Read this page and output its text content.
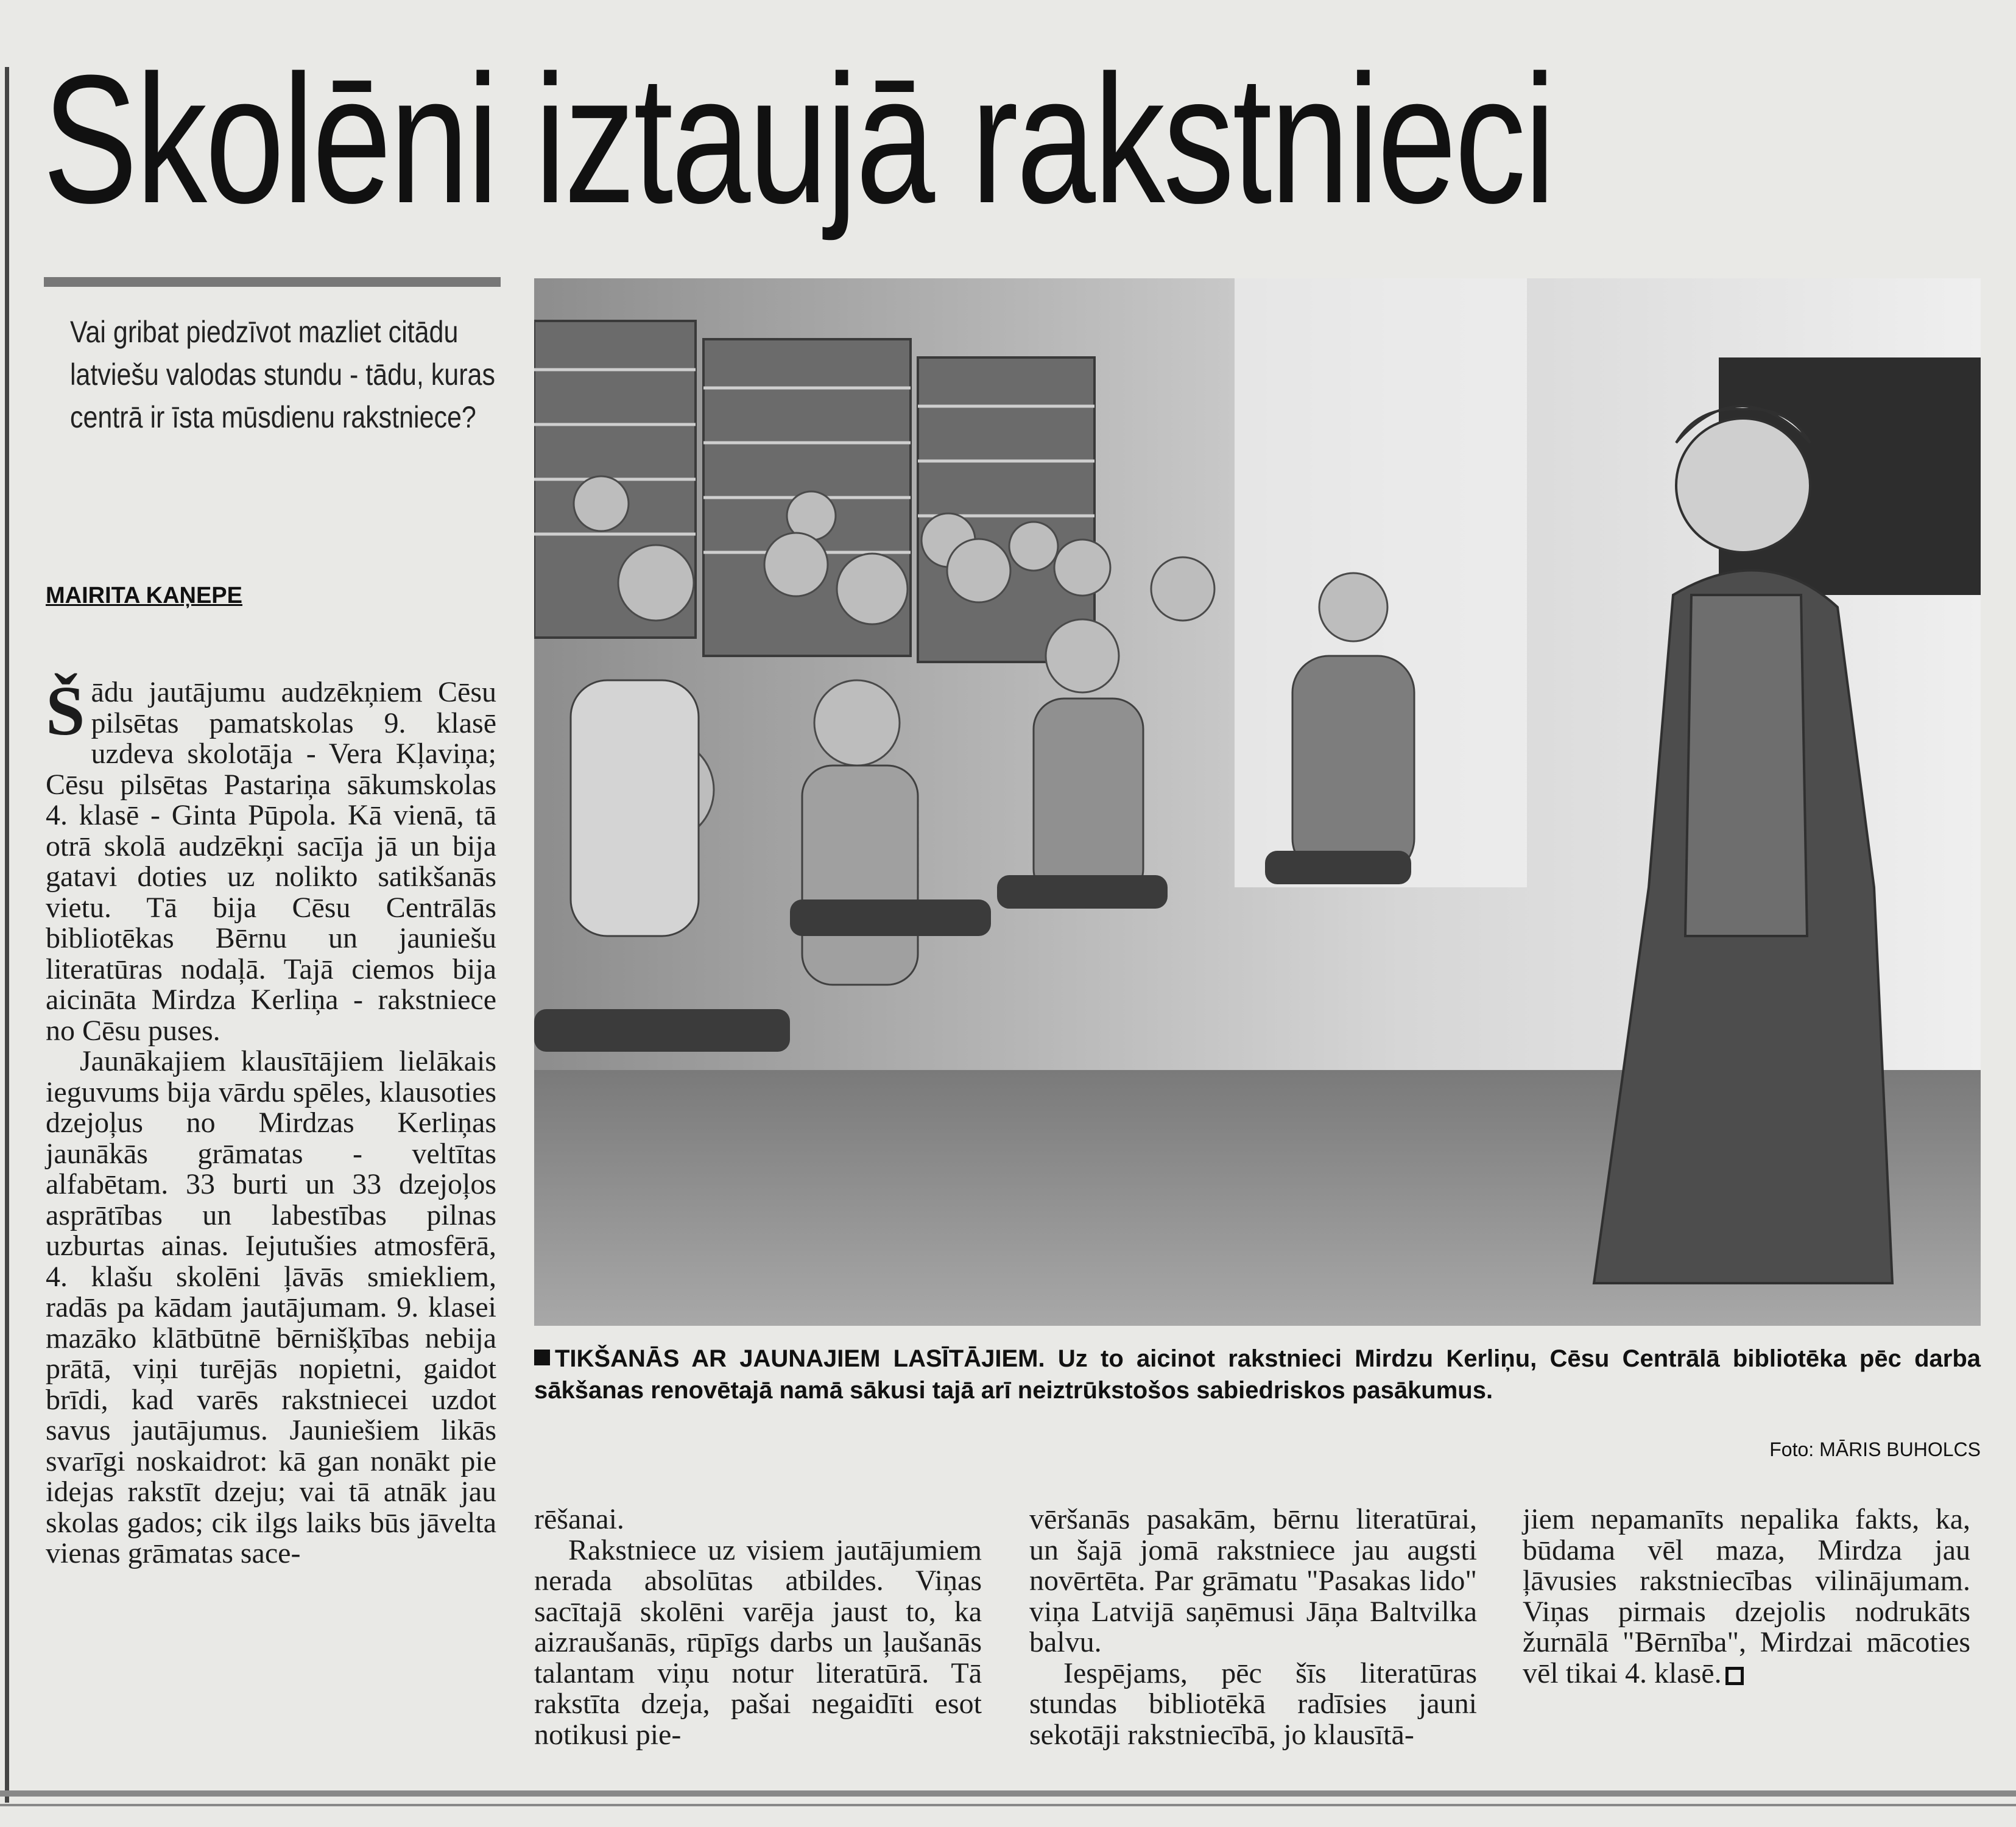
Skolēni iztaujā rakstnieci
Vai gribat piedzīvot mazliet citādu latviešu valodas stundu - tādu, kuras centrā ir īsta mūsdienu rakstniece?
MAIRITA KAŅEPE

Šādu jautājumu audzēkņiem Cēsu pilsētas pamatskolas 9. klasē uzdeva skolotāja - Vera Kļaviņa; Cēsu pilsētas Pastariņa sākumskolas 4. klasē - Ginta Pūpola. Kā vienā, tā otrā skolā audzēkņi sacīja jā un bija gatavi doties uz nolikto satikšanās vietu. Tā bija Cēsu Centrālās bibliotēkas Bērnu un jauniešu literatūras nodaļā. Tajā ciemos bija aicināta Mirdza Kerliņa - rakstniece no Cēsu puses.

Jaunākajiem klausītājiem lielākais ieguvums bija vārdu spēles, klausoties dzejoļus no Mirdzas Kerliņas jaunākās grāmatas - veltītas alfabētam. 33 burti un 33 dzejoļos asprātības un labestības pilnas uzburtas ainas. Iejutušies atmosfērā, 4. klašu skolēni ļāvās smiekliem, radās pa kādam jautājumam. 9. klasei mazāko klātbūtnē bērnišķības nebija prātā, viņi turējās nopietni, gaidot brīdi, kad varēs rakstniecei uzdot savus jautājumus. Jauniešiem likās svarīgi noskaidrot: kā gan nonākt pie idejas rakstīt dzeju; vai tā atnāk jau skolas gados; cik ilgs laiks būs jāvelta vienas grāmatas sace-

TIKŠANĀS AR JAUNAJIEM LASĪTĀJIEM. Uz to aicinot rakstnieci Mirdzu Kerliņu, Cēsu Centrālā bibliotēka pēc darba sākšanas renovētajā namā sākusi tajā arī neiztrūkstošos sabiedriskos pasākumus.
Foto: MĀRIS BUHOLCS

rēšanai.

Rakstniece uz visiem jautājumiem nerada absolūtas atbildes. Viņas sacītajā skolēni varēja jaust to, ka aizraušanās, rūpīgs darbs un ļaušanās talantam viņu notur literatūrā. Tā rakstīta dzeja, pašai negaidīti esot notikusi pie-

vēršanās pasakām, bērnu literatūrai, un šajā jomā rakstniece jau augsti novērtēta. Par grāmatu "Pasakas lido" viņa Latvijā saņēmusi Jāņa Baltvilka balvu.

Iespējams, pēc šīs literatūras stundas bibliotēkā radīsies jauni sekotāji rakstniecībā, jo klausītā-

jiem nepamanīts nepalika fakts, ka, būdama vēl maza, Mirdza jau ļāvusies rakstniecības vilinājumam. Viņas pirmais dzejolis nodrukāts žurnālā "Bērnība", Mirdzai mācoties vēl tikai 4. klasē.
